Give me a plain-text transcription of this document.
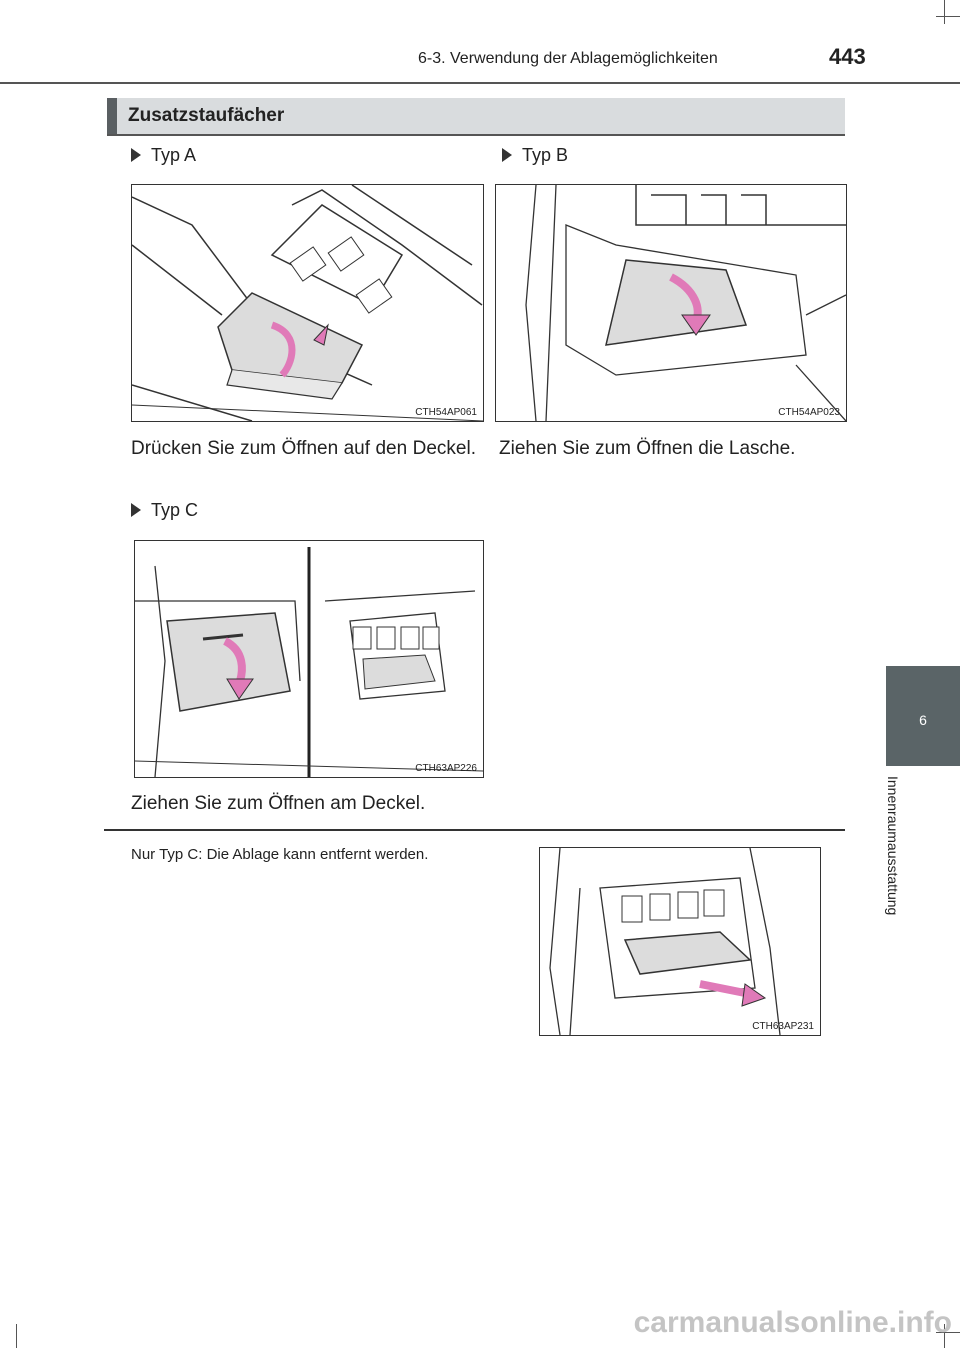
6-3. Verwendung der Ablagemöglichkeiten	443
Zusatzstaufächer
Typ A
CTH54AP061
Drücken Sie zum Öffnen auf den Deckel.
Typ B
CTH54AP023
Ziehen Sie zum Öffnen die Lasche.
Typ C
CTH63AP226
Ziehen Sie zum Öffnen am Deckel.
Nur Typ C: Die Ablage kann entfernt werden.
CTH63AP231
6
Innenraumausstattung
carmanualsonline.info
